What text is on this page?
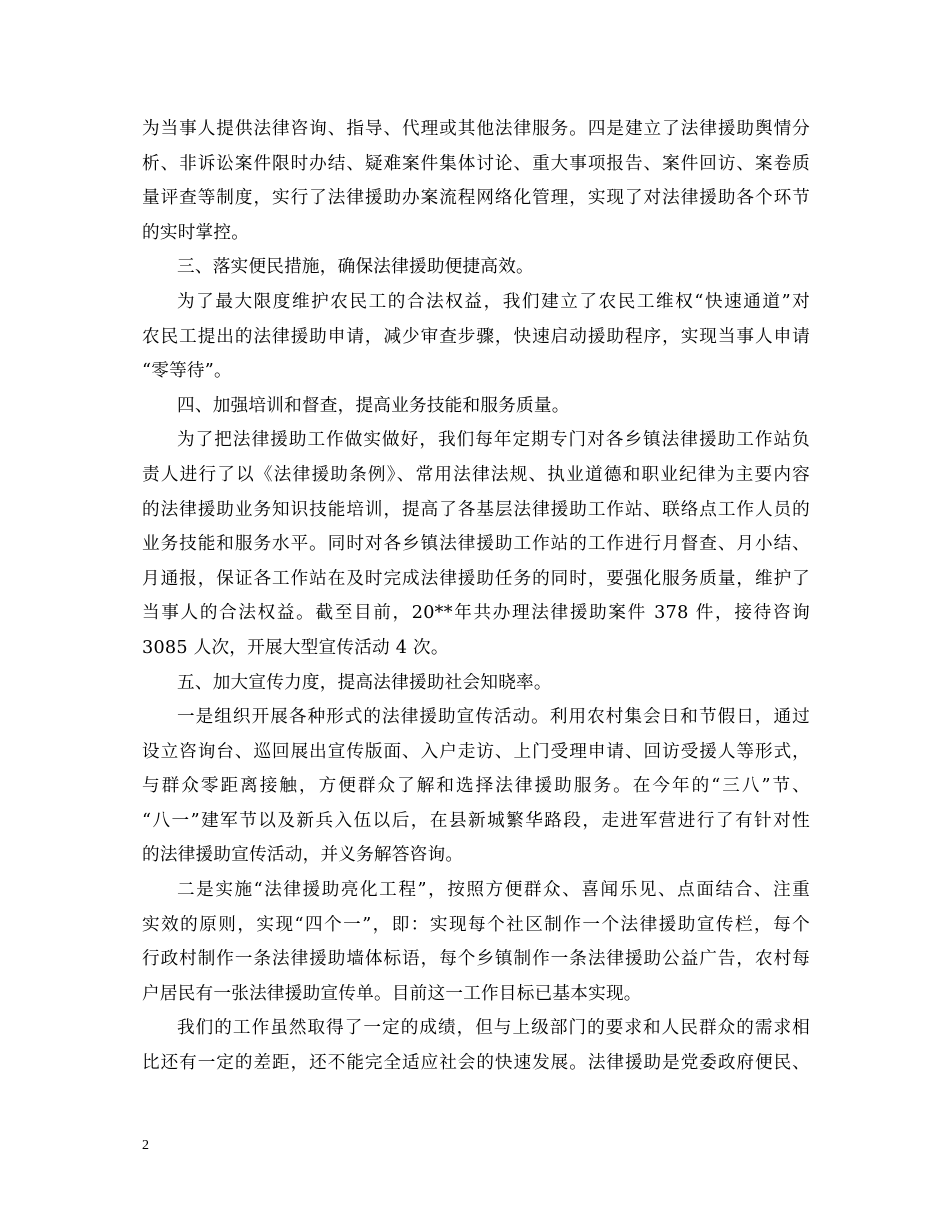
为当事人提供法律咨询、指导、代理或其他法律服务。四是建立了法律援助舆情分
析、非诉讼案件限时办结、疑难案件集体讨论、重大事项报告、案件回访、案卷质
量评查等制度，实行了法律援助办案流程网络化管理，实现了对法律援助各个环节
的实时掌控。
三、落实便民措施，确保法律援助便捷高效。
为了最大限度维护农民工的合法权益，我们建立了农民工维权“快速通道”对
农民工提出的法律援助申请，减少审查步骤，快速启动援助程序，实现当事人申请
“零等待”。
四、加强培训和督查，提高业务技能和服务质量。
为了把法律援助工作做实做好，我们每年定期专门对各乡镇法律援助工作站负
责人进行了以《法律援助条例》、常用法律法规、执业道德和职业纪律为主要内容
的法律援助业务知识技能培训，提高了各基层法律援助工作站、联络点工作人员的
业务技能和服务水平。同时对各乡镇法律援助工作站的工作进行月督查、月小结、
月通报，保证各工作站在及时完成法律援助任务的同时，要强化服务质量，维护了
当事人的合法权益。截至目前，20**年共办理法律援助案件 378 件，接待咨询
3085 人次，开展大型宣传活动 4 次。
五、加大宣传力度，提高法律援助社会知晓率。
一是组织开展各种形式的法律援助宣传活动。利用农村集会日和节假日，通过
设立咨询台、巡回展出宣传版面、入户走访、上门受理申请、回访受援人等形式，
与群众零距离接触，方便群众了解和选择法律援助服务。在今年的“三八”节、
“八一”建军节以及新兵入伍以后，在县新城繁华路段，走进军营进行了有针对性
的法律援助宣传活动，并义务解答咨询。
二是实施“法律援助亮化工程”，按照方便群众、喜闻乐见、点面结合、注重
实效的原则，实现“四个一”，即：实现每个社区制作一个法律援助宣传栏，每个
行政村制作一条法律援助墙体标语，每个乡镇制作一条法律援助公益广告，农村每
户居民有一张法律援助宣传单。目前这一工作目标已基本实现。
我们的工作虽然取得了一定的成绩，但与上级部门的要求和人民群众的需求相
比还有一定的差距，还不能完全适应社会的快速发展。法律援助是党委政府便民、
2
